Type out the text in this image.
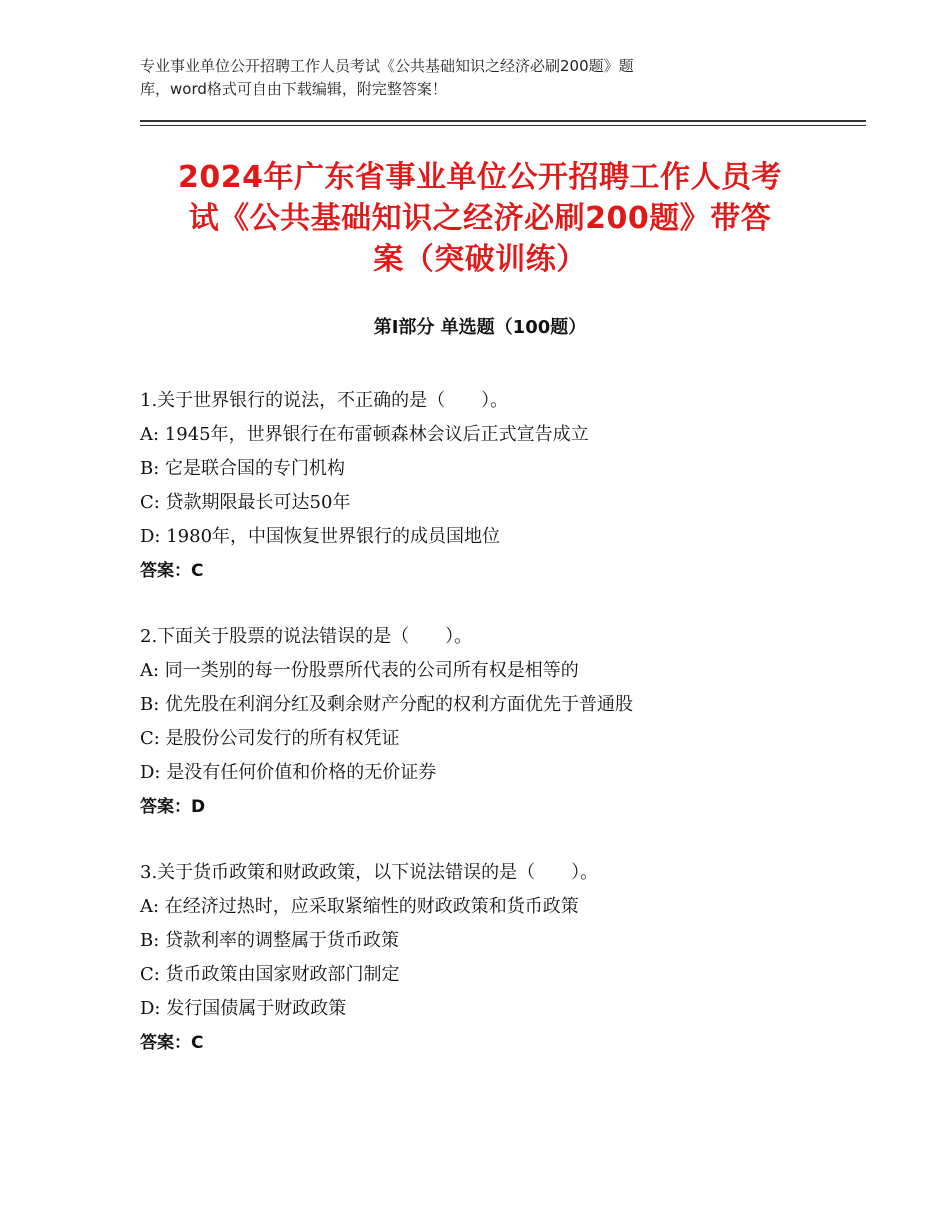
专业事业单位公开招聘工作人员考试《公共基础知识之经济必刷200题》题
库，word格式可自由下载编辑，附完整答案！
2024年广东省事业单位公开招聘工作人员考
试《公共基础知识之经济必刷200题》带答
案（突破训练）
第Ⅰ部分 单选题（100题）
1.关于世界银行的说法，不正确的是（　　）。
A: 1945年，世界银行在布雷顿森林会议后正式宣告成立
B: 它是联合国的专门机构
C: 贷款期限最长可达50年
D: 1980年，中国恢复世界银行的成员国地位
答案：C
2.下面关于股票的说法错误的是（　　）。
A: 同一类别的每一份股票所代表的公司所有权是相等的
B: 优先股在利润分红及剩余财产分配的权利方面优先于普通股
C: 是股份公司发行的所有权凭证
D: 是没有任何价值和价格的无价证券
答案：D
3.关于货币政策和财政政策，以下说法错误的是（　　）。
A: 在经济过热时，应采取紧缩性的财政政策和货币政策
B: 贷款利率的调整属于货币政策
C: 货币政策由国家财政部门制定
D: 发行国债属于财政政策
答案：C
